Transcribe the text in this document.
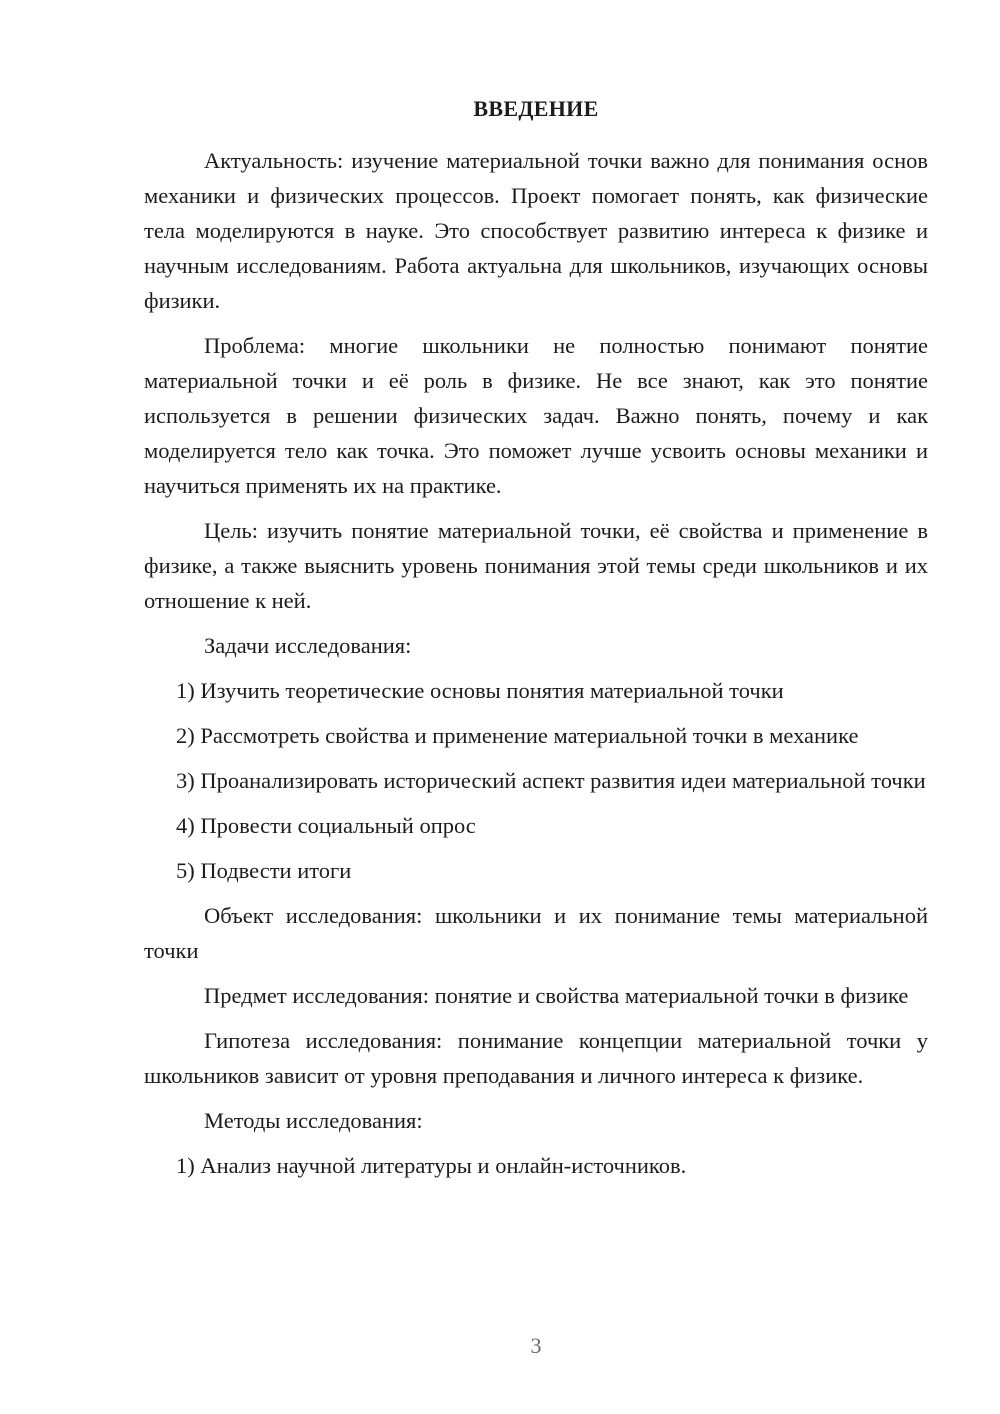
ВВЕДЕНИЕ

Актуальность: изучение материальной точки важно для понимания основ механики и физических процессов. Проект помогает понять, как физические тела моделируются в науке. Это способствует развитию интереса к физике и научным исследованиям. Работа актуальна для школьников, изучающих основы физики.

Проблема: многие школьники не полностью понимают понятие материальной точки и её роль в физике. Не все знают, как это понятие используется в решении физических задач. Важно понять, почему и как моделируется тело как точка. Это поможет лучше усвоить основы механики и научиться применять их на практике.

Цель: изучить понятие материальной точки, её свойства и применение в физике, а также выяснить уровень понимания этой темы среди школьников и их отношение к ней.

Задачи исследования:

1) Изучить теоретические основы понятия материальной точки

2) Рассмотреть свойства и применение материальной точки в механике

3) Проанализировать исторический аспект развития идеи материальной точки

4) Провести социальный опрос

5) Подвести итоги

Объект исследования: школьники и их понимание темы материальной точки

Предмет исследования: понятие и свойства материальной точки в физике

Гипотеза исследования: понимание концепции материальной точки у школьников зависит от уровня преподавания и личного интереса к физике.

Методы исследования:

1) Анализ научной литературы и онлайн-источников.

3
